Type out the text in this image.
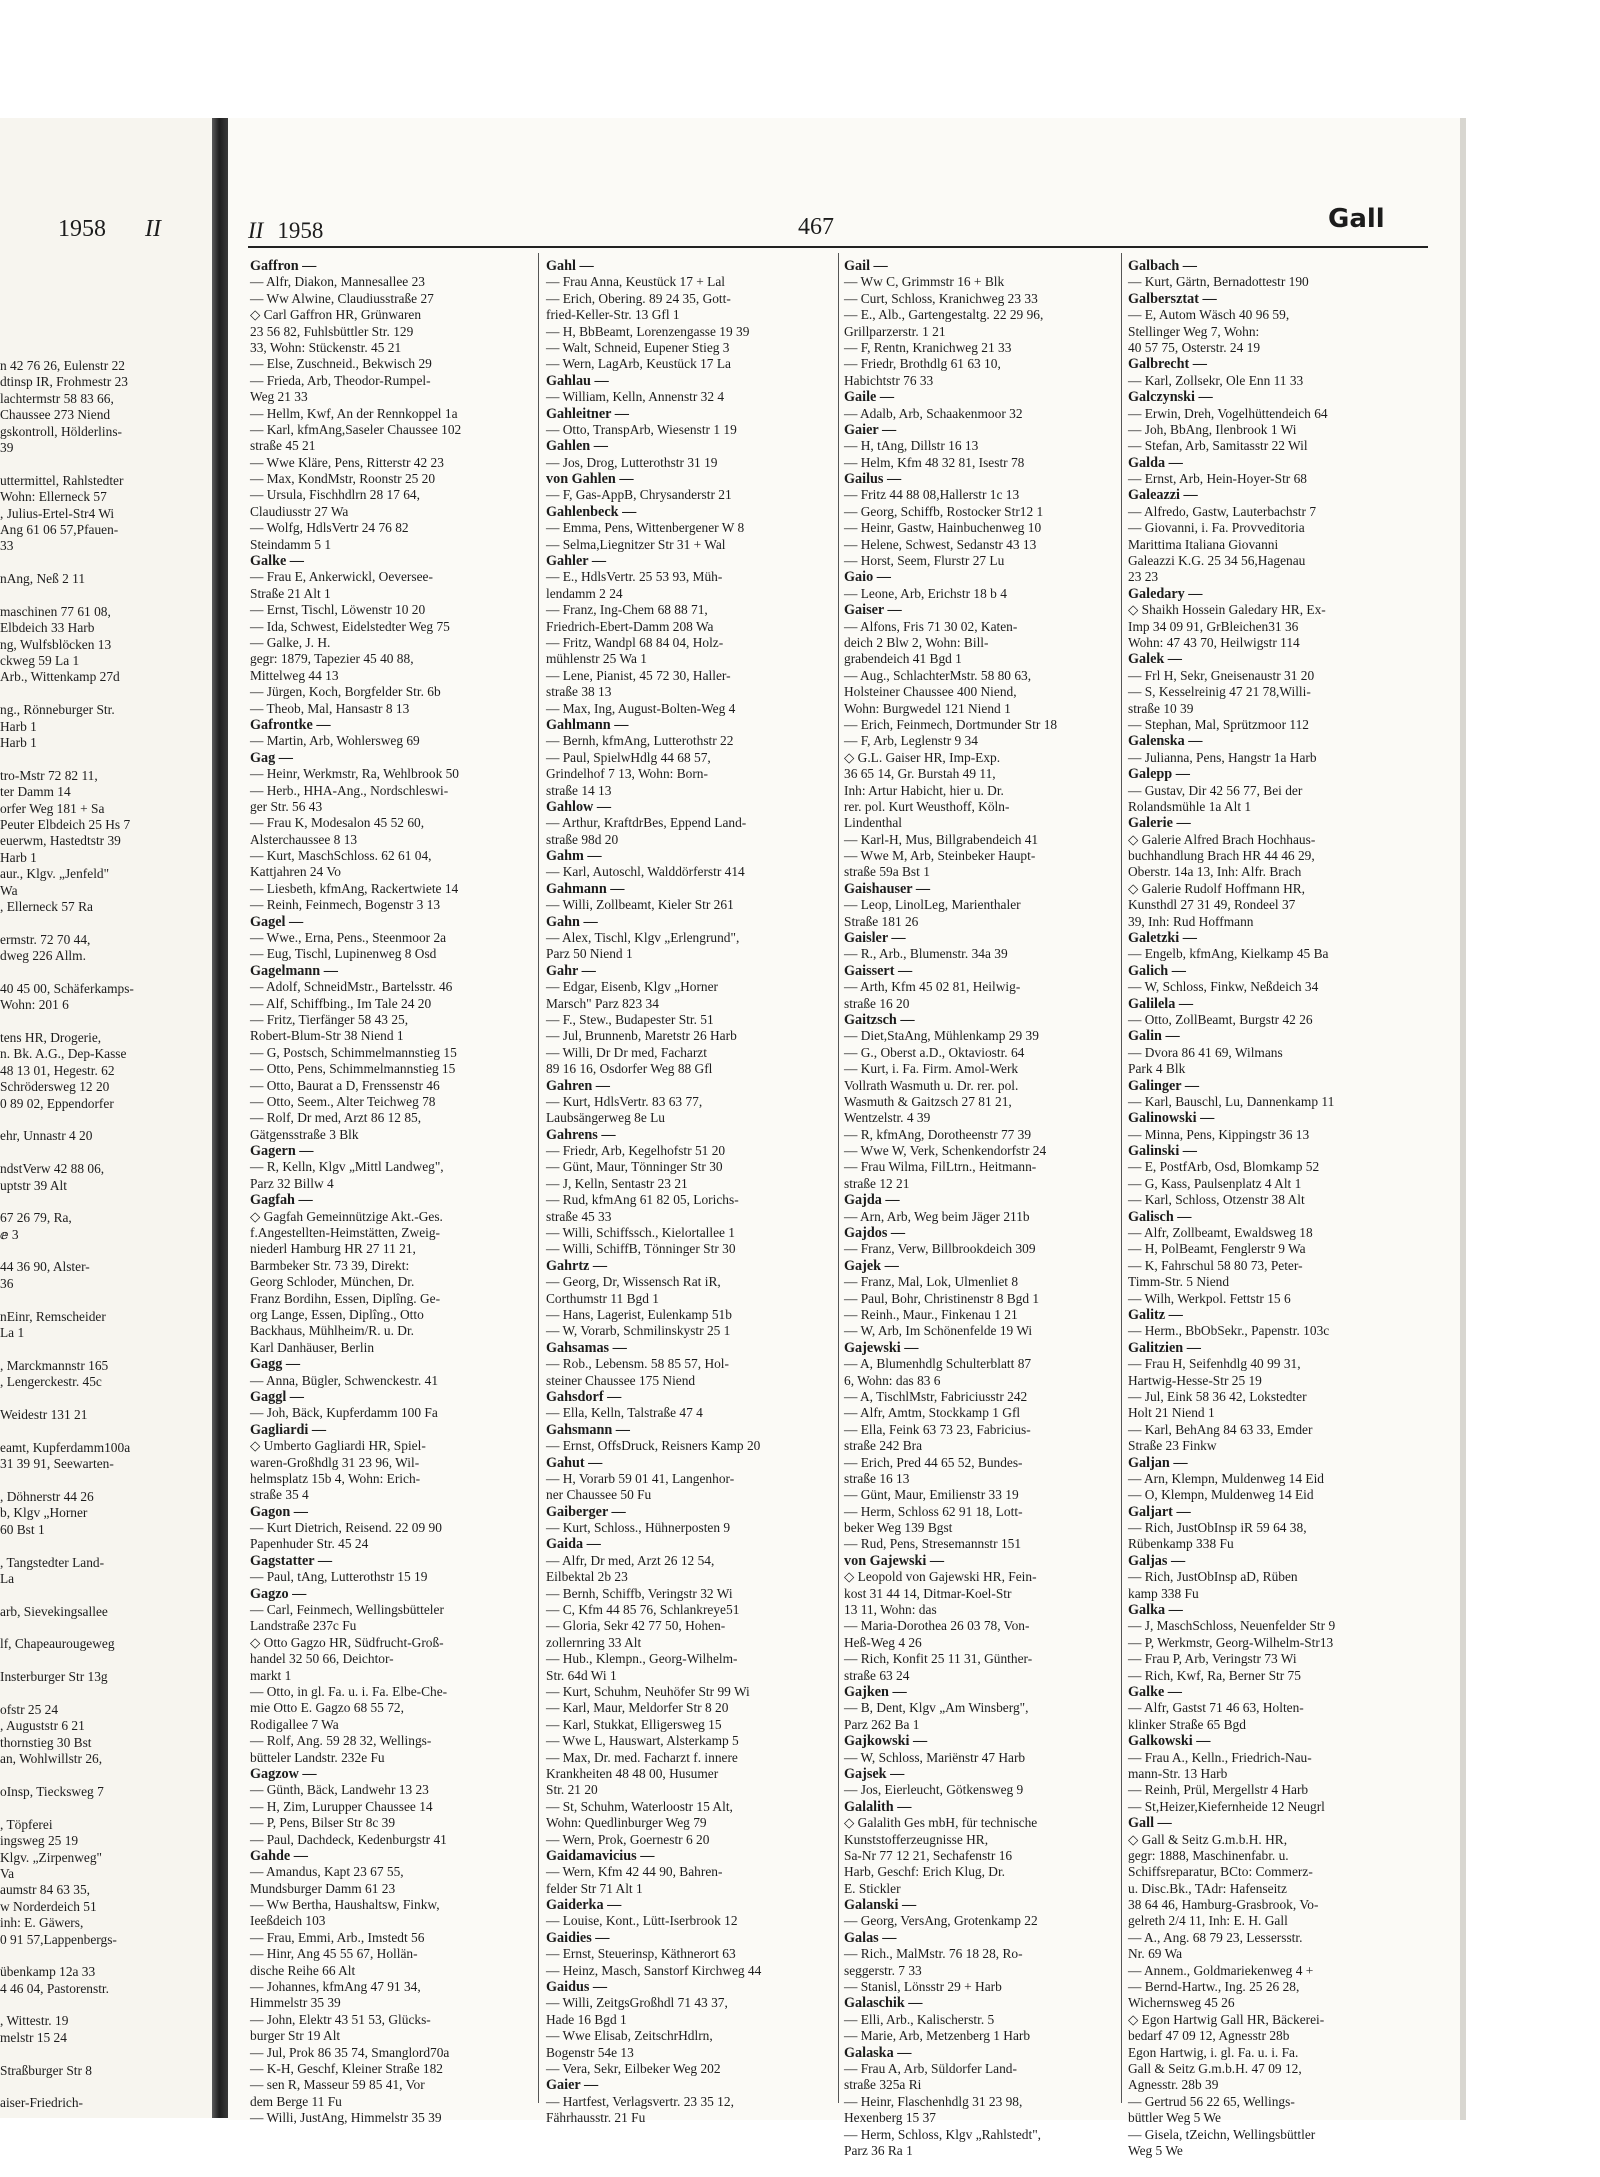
1958 II
n 42 76 26, Eulenstr 22
dtinsp IR, Frohmestr 23
lachtermstr 58 83 66,
Chaussee 273 Niend
gskontroll, Hölderlins-
39
uttermittel, Rahlstedter
Wohn: Ellerneck 57
, Julius-Ertel-Str4 Wi
Ang 61 06 57,Pfauen-
33
nAng, Neß 2 11
maschinen 77 61 08,
Elbdeich 33 Harb
ng, Wulfsblöcken 13
ckweg 59 La 1
Arb., Wittenkamp 27d
ng., Rönneburger Str.
Harb 1
Harb 1
tro-Mstr 72 82 11,
ter Damm 14
orfer Weg 181 + Sa
Peuter Elbdeich 25 Hs 7
euerwm, Hastedtstr 39
Harb 1
aur., Klgv. „Jenfeld"
Wa
, Ellerneck 57 Ra
ermstr. 72 70 44,
dweg 226 Allm.
40 45 00, Schäferkamps-
Wohn: 201 6
tens HR, Drogerie,
n. Bk. A.G., Dep-Kasse
48 13 01, Hegestr. 62
Schrödersweg 12 20
0 89 02, Eppendorfer
ehr, Unnastr 4 20
ndstVerw 42 88 06,
uptstr 39 Alt
67 26 79, Ra,
ⅇ 3
44 36 90, Alster-
36
nEinr, Remscheider
La 1
, Marckmannstr 165
, Lengerckestr. 45c
Weidestr 131 21
eamt, Kupferdamm100a
31 39 91, Seewarten-
, Döhnerstr 44 26
b, Klgv „Horner
60 Bst 1
, Tangstedter Land-
La
arb, Sievekingsallee
lf, Chapeaurougeweg
Insterburger Str 13g
ofstr 25 24
, Auguststr 6 21
thornstieg 30 Bst
an, Wohlwillstr 26,
oInsp, Tiecksweg 7
, Töpferei
ingsweg 25 19
Klgv. „Zirpenweg"
Va
aumstr 84 63 35,
w Norderdeich 51
inh: E. Gäwers,
0 91 57,Lappenbergs-
übenkamp 12a 33
4 46 04, Pastorenstr.
, Wittestr. 19
melstr 15 24
Straßburger Str 8
aiser-Friedrich-
II 1958	467	Gall
Gaffron —
— Alfr, Diakon, Mannesallee 23
— Ww Alwine, Claudiusstraße 27
◇ Carl Gaffron HR, Grünwaren
23 56 82, Fuhlsbüttler Str. 129
33, Wohn: Stückenstr. 45 21
— Else, Zuschneid., Bekwisch 29
— Frieda, Arb, Theodor-Rumpel-
Weg 21 33
— Hellm, Kwf, An der Rennkoppel 1a
— Karl, kfmAng,Saseler Chaussee 102
straße 45 21
— Wwe Kläre, Pens, Ritterstr 42 23
— Max, KondMstr, Roonstr 25 20
— Ursula, Fischhdlrn 28 17 64,
Claudiusstr 27 Wa
— Wolfg, HdlsVertr 24 76 82
Steindamm 5 1
Galke —
— Frau E, Ankerwickl, Oeversee-
Straße 21 Alt 1
— Ernst, Tischl, Löwenstr 10 20
— Ida, Schwest, Eidelstedter Weg 75
— Galke, J. H.
gegr: 1879, Tapezier 45 40 88,
Mittelweg 44 13
— Jürgen, Koch, Borgfelder Str. 6b
— Theob, Mal, Hansastr 8 13
Gafrontke —
— Martin, Arb, Wohlersweg 69
Gag —
— Heinr, Werkmstr, Ra, Wehlbrook 50
— Herb., HHA-Ang., Nordschleswi-
ger Str. 56 43
— Frau K, Modesalon 45 52 60,
Alsterchaussee 8 13
— Kurt, MaschSchloss. 62 61 04,
Kattjahren 24 Vo
— Liesbeth, kfmAng, Rackertwiete 14
— Reinh, Feinmech, Bogenstr 3 13
Gagel —
— Wwe., Erna, Pens., Steenmoor 2a
— Eug, Tischl, Lupinenweg 8 Osd
Gagelmann —
— Adolf, SchneidMstr., Bartelsstr. 46
— Alf, Schiffbing., Im Tale 24 20
— Fritz, Tierfänger 58 43 25,
Robert-Blum-Str 38 Niend 1
— G, Postsch, Schimmelmannstieg 15
— Otto, Pens, Schimmelmannstieg 15
— Otto, Baurat a D, Frenssenstr 46
— Otto, Seem., Alter Teichweg 78
— Rolf, Dr med, Arzt 86 12 85,
Gätgensstraße 3 Blk
Gagern —
— R, Kelln, Klgv „Mittl Landweg",
Parz 32 Billw 4
Gagfah —
◇ Gagfah Gemeinnützige Akt.-Ges.
f.Angestellten-Heimstätten, Zweig-
niederl Hamburg HR 27 11 21,
Barmbeker Str. 73 39, Direkt:
Georg Schloder, München, Dr.
Franz Bordihn, Essen, Diplîng. Ge-
org Lange, Essen, Diplîng., Otto
Backhaus, Mühlheim/R. u. Dr.
Karl Danhäuser, Berlin
Gagg —
— Anna, Bügler, Schwenckestr. 41
Gaggl —
— Joh, Bäck, Kupferdamm 100 Fa
Gagliardi —
◇ Umberto Gagliardi HR, Spiel-
waren-Großhdlg 31 23 96, Wil-
helmsplatz 15b 4, Wohn: Erich-
straße 35 4
Gagon —
— Kurt Dietrich, Reisend. 22 09 90
Papenhuder Str. 45 24
Gagstatter —
— Paul, tAng, Lutterothstr 15 19
Gagzo —
— Carl, Feinmech, Wellingsbütteler
Landstraße 237c Fu
◇ Otto Gagzo HR, Südfrucht-Groß-
handel 32 50 66, Deichtor-
markt 1
— Otto, in gl. Fa. u. i. Fa. Elbe-Che-
mie Otto E. Gagzo 68 55 72,
Rodigallee 7 Wa
— Rolf, Ang. 59 28 32, Wellings-
bütteler Landstr. 232e Fu
Gagzow —
— Günth, Bäck, Landwehr 13 23
— H, Zim, Lurupper Chaussee 14
— P, Pens, Bilser Str 8c 39
— Paul, Dachdeck, Kedenburgstr 41
Gahde —
— Amandus, Kapt 23 67 55,
Mundsburger Damm 61 23
— Ww Bertha, Haushaltsw, Finkw,
Ieeßdeich 103
— Frau, Emmi, Arb., Imstedt 56
— Hinr, Ang 45 55 67, Hollän-
dische Reihe 66 Alt
— Johannes, kfmAng 47 91 34,
Himmelstr 35 39
— John, Elektr 43 51 53, Glücks-
burger Str 19 Alt
— Jul, Prok 86 35 74, Smanglord70a
— K-H, Geschf, Kleiner Straße 182
— sen R, Masseur 59 85 41, Vor
dem Berge 11 Fu
— Willi, JustAng, Himmelstr 35 39
Gahl —
— Frau Anna, Keustück 17 + Lal
— Erich, Obering. 89 24 35, Gott-
fried-Keller-Str. 13 Gfl 1
— H, BbBeamt, Lorenzengasse 19 39
— Walt, Schneid, Eupener Stieg 3
— Wern, LagArb, Keustück 17 La
Gahlau —
— William, Kelln, Annenstr 32 4
Gahleitner —
— Otto, TranspArb, Wiesenstr 1 19
Gahlen —
— Jos, Drog, Lutterothstr 31 19
von Gahlen —
— F, Gas-AppB, Chrysanderstr 21
Gahlenbeck —
— Emma, Pens, Wittenbergener W 8
— Selma,Liegnitzer Str 31 + Wal
Gahler —
— E., HdlsVertr. 25 53 93, Müh-
lendamm 2 24
— Franz, Ing-Chem 68 88 71,
Friedrich-Ebert-Damm 208 Wa
— Fritz, Wandpl 68 84 04, Holz-
mühlenstr 25 Wa 1
— Lene, Pianist, 45 72 30, Haller-
straße 38 13
— Max, Ing, August-Bolten-Weg 4
Gahlmann —
— Bernh, kfmAng, Lutterothstr 22
— Paul, SpielwHdlg 44 68 57,
Grindelhof 7 13, Wohn: Born-
straße 14 13
Gahlow —
— Arthur, KraftdrBes, Eppend Land-
straße 98d 20
Gahm —
— Karl, Autoschl, Walddörferstr 414
Gahmann —
— Willi, Zollbeamt, Kieler Str 261
Gahn —
— Alex, Tischl, Klgv „Erlengrund",
Parz 50 Niend 1
Gahr —
— Edgar, Eisenb, Klgv „Horner
Marsch" Parz 823 34
— F., Stew., Budapester Str. 51
— Jul, Brunnenb, Maretstr 26 Harb
— Willi, Dr Dr med, Facharzt
89 16 16, Osdorfer Weg 88 Gfl
Gahren —
— Kurt, HdlsVertr. 83 63 77,
Laubsängerweg 8e Lu
Gahrens —
— Friedr, Arb, Kegelhofstr 51 20
— Günt, Maur, Tönninger Str 30
— J, Kelln, Sentastr 23 21
— Rud, kfmAng 61 82 05, Lorichs-
straße 45 33
— Willi, Schiffssch., Kielortallee 1
— Willi, SchiffB, Tönninger Str 30
Gahrtz —
— Georg, Dr, Wissensch Rat iR,
Corthumstr 11 Bgd 1
— Hans, Lagerist, Eulenkamp 51b
— W, Vorarb, Schmilinskystr 25 1
Gahsamas —
— Rob., Lebensm. 58 85 57, Hol-
steiner Chaussee 175 Niend
Gahsdorf —
— Ella, Kelln, Talstraße 47 4
Gahsmann —
— Ernst, OffsDruck, Reisners Kamp 20
Gahut —
— H, Vorarb 59 01 41, Langenhor-
ner Chaussee 50 Fu
Gaiberger —
— Kurt, Schloss., Hühnerposten 9
Gaida —
— Alfr, Dr med, Arzt 26 12 54,
Eilbektal 2b 23
— Bernh, Schiffb, Veringstr 32 Wi
— C, Kfm 44 85 76, Schlankreye51
— Gloria, Sekr 42 77 50, Hohen-
zollernring 33 Alt
— Hub., Klempn., Georg-Wilhelm-
Str. 64d Wi 1
— Kurt, Schuhm, Neuhöfer Str 99 Wi
— Karl, Maur, Meldorfer Str 8 20
— Karl, Stukkat, Elligersweg 15
— Wwe L, Hauswart, Alsterkamp 5
— Max, Dr. med. Facharzt f. innere
Krankheiten 48 48 00, Husumer
Str. 21 20
— St, Schuhm, Waterloostr 15 Alt,
Wohn: Quedlinburger Weg 79
— Wern, Prok, Goernestr 6 20
Gaidamavicius —
— Wern, Kfm 42 44 90, Bahren-
felder Str 71 Alt 1
Gaiderka —
— Louise, Kont., Lütt-Iserbrook 12
Gaidies —
— Ernst, Steuerinsp, Käthnerort 63
— Heinz, Masch, Sanstorf Kirchweg 44
Gaidus —
— Willi, ZeitgsGroßhdl 71 43 37,
Hade 16 Bgd 1
— Wwe Elisab, ZeitschrHdlrn,
Bogenstr 54e 13
— Vera, Sekr, Eilbeker Weg 202
Gaier —
— Hartfest, Verlagsvertr. 23 35 12,
Fährhausstr. 21 Fu
Gail —
— Ww C, Grimmstr 16 + Blk
— Curt, Schloss, Kranichweg 23 33
— E., Alb., Gartengestaltg. 22 29 96,
Grillparzerstr. 1 21
— F, Rentn, Kranichweg 21 33
— Friedr, Brothdlg 61 63 10,
Habichtstr 76 33
Gaile —
— Adalb, Arb, Schaakenmoor 32
Gaier —
— H, tAng, Dillstr 16 13
— Helm, Kfm 48 32 81, Isestr 78
Gailus —
— Fritz 44 88 08,Hallerstr 1c 13
— Georg, Schiffb, Rostocker Str12 1
— Heinr, Gastw, Hainbuchenweg 10
— Helene, Schwest, Sedanstr 43 13
— Horst, Seem, Flurstr 27 Lu
Gaio —
— Leone, Arb, Erichstr 18 b 4
Gaiser —
— Alfons, Fris 71 30 02, Katen-
deich 2 Blw 2, Wohn: Bill-
grabendeich 41 Bgd 1
— Aug., SchlachterMstr. 58 80 63,
Holsteiner Chaussee 400 Niend,
Wohn: Burgwedel 121 Niend 1
— Erich, Feinmech, Dortmunder Str 18
— F, Arb, Leglenstr 9 34
◇ G.L. Gaiser HR, Imp-Exp.
36 65 14, Gr. Burstah 49 11,
Inh: Artur Habicht, hier u. Dr.
rer. pol. Kurt Weusthoff, Köln-
Lindenthal
— Karl-H, Mus, Billgrabendeich 41
— Wwe M, Arb, Steinbeker Haupt-
straße 59a Bst 1
Gaishauser —
— Leop, LinolLeg, Marienthaler
Straße 181 26
Gaisler —
— R., Arb., Blumenstr. 34a 39
Gaissert —
— Arth, Kfm 45 02 81, Heilwig-
straße 16 20
Gaitzsch —
— Diet,StaAng, Mühlenkamp 29 39
— G., Oberst a.D., Oktaviostr. 64
— Kurt, i. Fa. Firm. Amol-Werk
Vollrath Wasmuth u. Dr. rer. pol.
Wasmuth & Gaitzsch 27 81 21,
Wentzelstr. 4 39
— R, kfmAng, Dorotheenstr 77 39
— Wwe W, Verk, Schenkendorfstr 24
— Frau Wilma, FilLtrn., Heitmann-
straße 12 21
Gajda —
— Arn, Arb, Weg beim Jäger 211b
Gajdos —
— Franz, Verw, Billbrookdeich 309
Gajek —
— Franz, Mal, Lok, Ulmenliet 8
— Paul, Bohr, Christinenstr 8 Bgd 1
— Reinh., Maur., Finkenau 1 21
— W, Arb, Im Schönenfelde 19 Wi
Gajewski —
— A, Blumenhdlg Schulterblatt 87
6, Wohn: das 83 6
— A, TischlMstr, Fabriciusstr 242
— Alfr, Amtm, Stockkamp 1 Gfl
— Ella, Feink 63 73 23, Fabricius-
straße 242 Bra
— Erich, Pred 44 65 52, Bundes-
straße 16 13
— Günt, Maur, Emilienstr 33 19
— Herm, Schloss 62 91 18, Lott-
beker Weg 139 Bgst
— Rud, Pens, Stresemannstr 151
von Gajewski —
◇ Leopold von Gajewski HR, Fein-
kost 31 44 14, Ditmar-Koel-Str
13 11, Wohn: das
— Maria-Dorothea 26 03 78, Von-
Heß-Weg 4 26
— Rich, Konfit 25 11 31, Günther-
straße 63 24
Gajken —
— B, Dent, Klgv „Am Winsberg",
Parz 262 Ba 1
Gajkowski —
— W, Schloss, Mariënstr 47 Harb
Gajsek —
— Jos, Eierleucht, Götkensweg 9
Galalith —
◇ Galalith Ges mbH, für technische
Kunststofferzeugnisse HR,
Sa-Nr 77 12 21, Sechafenstr 16
Harb, Geschf: Erich Klug, Dr.
E. Stickler
Galanski —
— Georg, VersAng, Grotenkamp 22
Galas —
— Rich., MalMstr. 76 18 28, Ro-
seggerstr. 7 33
— Stanisl, Lönsstr 29 + Harb
Galaschik —
— Elli, Arb., Kalischerstr. 5
— Marie, Arb, Metzenberg 1 Harb
Galaska —
— Frau A, Arb, Süldorfer Land-
straße 325a Ri
— Heinr, Flaschenhdlg 31 23 98,
Hexenberg 15 37
— Herm, Schloss, Klgv „Rahlstedt",
Parz 36 Ra 1
Galbach —
— Kurt, Gärtn, Bernadottestr 190
Galbersztat —
— E, Autom Wäsch 40 96 59,
Stellinger Weg 7, Wohn:
40 57 75, Osterstr. 24 19
Galbrecht —
— Karl, Zollsekr, Ole Enn 11 33
Galczynski —
— Erwin, Dreh, Vogelhüttendeich 64
— Joh, BbAng, Ilenbrook 1 Wi
— Stefan, Arb, Samitasstr 22 Wil
Galda —
— Ernst, Arb, Hein-Hoyer-Str 68
Galeazzi —
— Alfredo, Gastw, Lauterbachstr 7
— Giovanni, i. Fa. Provveditoria
Marittima Italiana Giovanni
Galeazzi K.G. 25 34 56,Hagenau
23 23
Galedary —
◇ Shaikh Hossein Galedary HR, Ex-
Imp 34 09 91, GrBleichen31 36
Wohn: 47 43 70, Heilwigstr 114
Galek —
— Frl H, Sekr, Gneisenaustr 31 20
— S, Kesselreinig 47 21 78,Willi-
straße 10 39
— Stephan, Mal, Sprützmoor 112
Galenska —
— Julianna, Pens, Hangstr 1a Harb
Galepp —
— Gustav, Dir 42 56 77, Bei der
Rolandsmühle 1a Alt 1
Galerie —
◇ Galerie Alfred Brach Hochhaus-
buchhandlung Brach HR 44 46 29,
Oberstr. 14a 13, Inh: Alfr. Brach
◇ Galerie Rudolf Hoffmann HR,
Kunsthdl 27 31 49, Rondeel 37
39, Inh: Rud Hoffmann
Galetzki —
— Engelb, kfmAng, Kielkamp 45 Ba
Galich —
— W, Schloss, Finkw, Neßdeich 34
Galilela —
— Otto, ZollBeamt, Burgstr 42 26
Galin —
— Dvora 86 41 69, Wilmans
Park 4 Blk
Galinger —
— Karl, Bauschl, Lu, Dannenkamp 11
Galinowski —
— Minna, Pens, Kippingstr 36 13
Galinski —
— E, PostfArb, Osd, Blomkamp 52
— G, Kass, Paulsenplatz 4 Alt 1
— Karl, Schloss, Otzenstr 38 Alt
Galisch —
— Alfr, Zollbeamt, Ewaldsweg 18
— H, PolBeamt, Fenglerstr 9 Wa
— K, Fahrschul 58 80 73, Peter-
Timm-Str. 5 Niend
— Wilh, Werkpol. Fettstr 15 6
Galitz —
— Herm., BbObSekr., Papenstr. 103c
Galitzien —
— Frau H, Seifenhdlg 40 99 31,
Hartwig-Hesse-Str 25 19
— Jul, Eink 58 36 42, Lokstedter
Holt 21 Niend 1
— Karl, BehAng 84 63 33, Emder
Straße 23 Finkw
Galjan —
— Arn, Klempn, Muldenweg 14 Eid
— O, Klempn, Muldenweg 14 Eid
Galjart —
— Rich, JustObInsp iR 59 64 38,
Rübenkamp 338 Fu
Galjas —
— Rich, JustObInsp aD, Rüben
kamp 338 Fu
Galka —
— J, MaschSchloss, Neuenfelder Str 9
— P, Werkmstr, Georg-Wilhelm-Str13
— Frau P, Arb, Veringstr 73 Wi
— Rich, Kwf, Ra, Berner Str 75
Galke —
— Alfr, Gastst 71 46 63, Holten-
klinker Straße 65 Bgd
Galkowski —
— Frau A., Kelln., Friedrich-Nau-
mann-Str. 13 Harb
— Reinh, Prül, Mergellstr 4 Harb
— St,Heizer,Kiefernheide 12 Neugrl
Gall —
◇ Gall & Seitz G.m.b.H. HR,
gegr: 1888, Maschinenfabr. u.
Schiffsreparatur, BCto: Commerz-
u. Disc.Bk., TAdr: Hafenseitz
38 64 46, Hamburg-Grasbrook, Vo-
gelreth 2/4 11, Inh: E. H. Gall
— A., Ang. 68 79 23, Lessersstr.
Nr. 69 Wa
— Annem., Goldmariekenweg 4 +
— Bernd-Hartw., Ing. 25 26 28,
Wichernsweg 45 26
◇ Egon Hartwig Gall HR, Bäckerei-
bedarf 47 09 12, Agnesstr 28b
Egon Hartwig, i. gl. Fa. u. i. Fa.
Gall & Seitz G.m.b.H. 47 09 12,
Agnesstr. 28b 39
— Gertrud 56 22 65, Wellings-
büttler Weg 5 We
— Gisela, tZeichn, Wellingsbüttler
Weg 5 We
